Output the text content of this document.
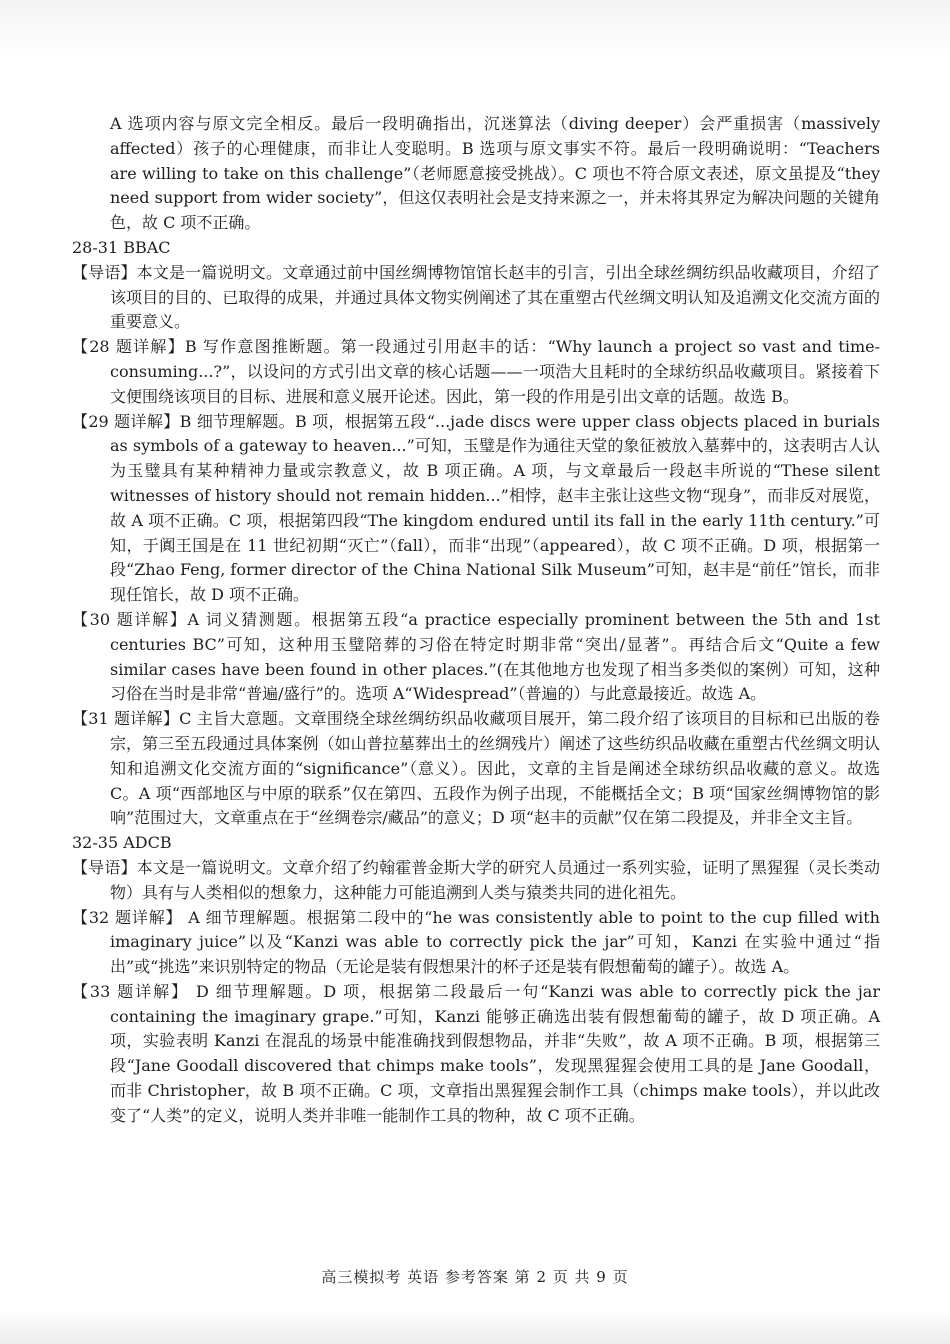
A 选项内容与原文完全相反。最后一段明确指出，沉迷算法（diving deeper）会严重损害（massively affected）孩子的心理健康，而非让人变聪明。B 选项与原文事实不符。最后一段明确说明：“Teachers are willing to take on this challenge”（老师愿意接受挑战）。C 项也不符合原文表述，原文虽提及“they need support from wider society”，但这仅表明社会是支持来源之一，并未将其界定为解决问题的关键角色，故 C 项不正确。

28-31 BBAC

【导语】本文是一篇说明文。文章通过前中国丝绸博物馆馆长赵丰的引言，引出全球丝绸纺织品收藏项目，介绍了该项目的目的、已取得的成果，并通过具体文物实例阐述了其在重塑古代丝绸文明认知及追溯文化交流方面的重要意义。

【28 题详解】B 写作意图推断题。第一段通过引用赵丰的话：“Why launch a project so vast and time-consuming...?”，以设问的方式引出文章的核心话题——一项浩大且耗时的全球纺织品收藏项目。紧接着下文便围绕该项目的目标、进展和意义展开论述。因此，第一段的作用是引出文章的话题。故选 B。

【29 题详解】B 细节理解题。B 项，根据第五段“...jade discs were upper class objects placed in burials as symbols of a gateway to heaven...”可知，玉璧是作为通往天堂的象征被放入墓葬中的，这表明古人认为玉璧具有某种精神力量或宗教意义，故 B 项正确。A 项，与文章最后一段赵丰所说的“These silent witnesses of history should not remain hidden...”相悖，赵丰主张让这些文物“现身”，而非反对展览，故 A 项不正确。C 项，根据第四段“The kingdom endured until its fall in the early 11th century.”可知，于阗王国是在 11 世纪初期“灭亡”（fall），而非“出现”（appeared），故 C 项不正确。D 项，根据第一段“Zhao Feng, former director of the China National Silk Museum”可知，赵丰是“前任”馆长，而非现任馆长，故 D 项不正确。

【30 题详解】A 词义猜测题。根据第五段“a practice especially prominent between the 5th and 1st centuries BC”可知，这种用玉璧陪葬的习俗在特定时期非常“突出/显著”。再结合后文“Quite a few similar cases have been found in other places.”(在其他地方也发现了相当多类似的案例）可知，这种习俗在当时是非常“普遍/盛行”的。选项 A“Widespread”（普遍的）与此意最接近。故选 A。

【31 题详解】C 主旨大意题。文章围绕全球丝绸纺织品收藏项目展开，第二段介绍了该项目的目标和已出版的卷宗，第三至五段通过具体案例（如山普拉墓葬出土的丝绸残片）阐述了这些纺织品收藏在重塑古代丝绸文明认知和追溯文化交流方面的“significance”（意义）。因此，文章的主旨是阐述全球纺织品收藏的意义。故选 C。A 项“西部地区与中原的联系”仅在第四、五段作为例子出现，不能概括全文；B 项“国家丝绸博物馆的影响”范围过大，文章重点在于“丝绸卷宗/藏品”的意义；D 项“赵丰的贡献”仅在第二段提及，并非全文主旨。

32-35 ADCB

【导语】本文是一篇说明文。文章介绍了约翰霍普金斯大学的研究人员通过一系列实验，证明了黑猩猩（灵长类动物）具有与人类相似的想象力，这种能力可能追溯到人类与猿类共同的进化祖先。

【32 题详解】 A 细节理解题。根据第二段中的“he was consistently able to point to the cup filled with imaginary juice”以及“Kanzi was able to correctly pick the jar”可知，Kanzi 在实验中通过“指出”或“挑选”来识别特定的物品（无论是装有假想果汁的杯子还是装有假想葡萄的罐子）。故选 A。

【33 题详解】 D 细节理解题。D 项，根据第二段最后一句“Kanzi was able to correctly pick the jar containing the imaginary grape.”可知，Kanzi 能够正确选出装有假想葡萄的罐子，故 D 项正确。A 项，实验表明 Kanzi 在混乱的场景中能准确找到假想物品，并非“失败”，故 A 项不正确。B 项，根据第三段“Jane Goodall discovered that chimps make tools”，发现黑猩猩会使用工具的是 Jane Goodall，而非 Christopher，故 B 项不正确。C 项，文章指出黑猩猩会制作工具（chimps make tools），并以此改变了“人类”的定义，说明人类并非唯一能制作工具的物种，故 C 项不正确。

高三模拟考 英语 参考答案 第 2 页 共 9 页
